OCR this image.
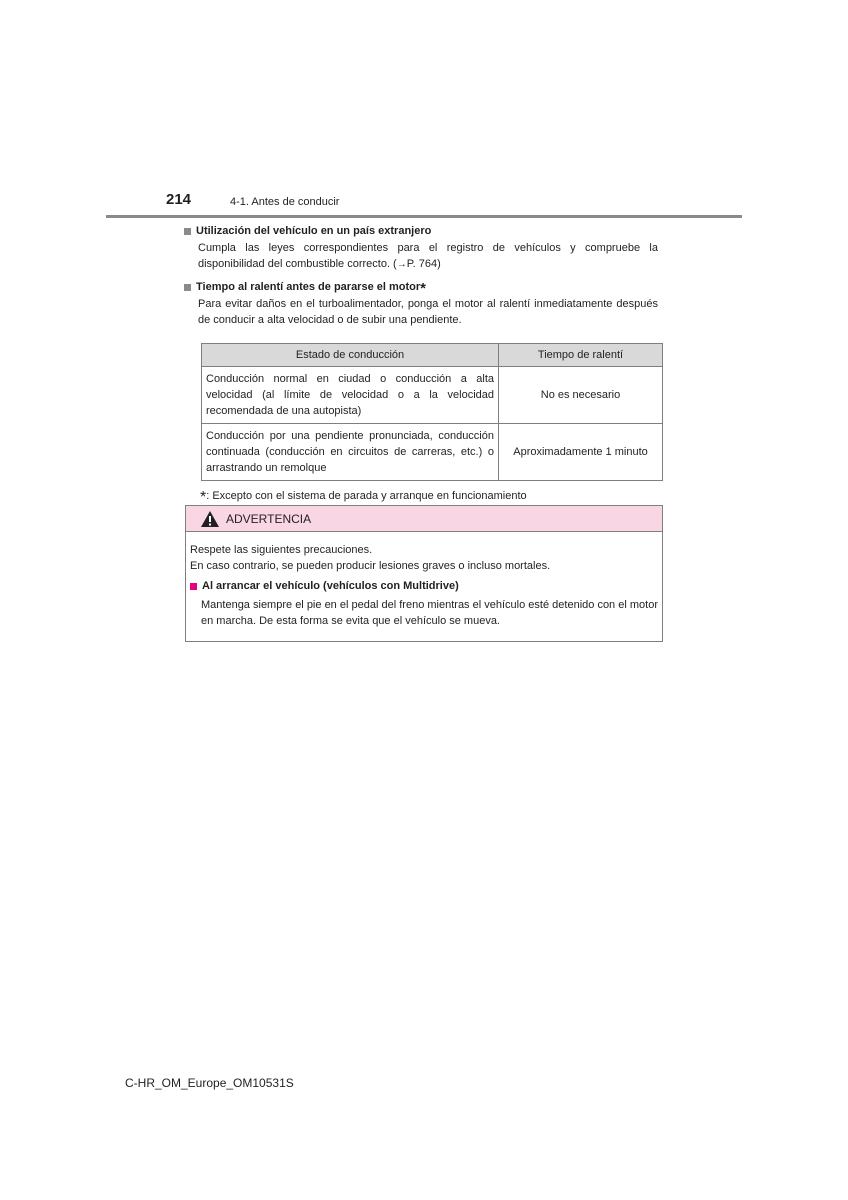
214	4-1. Antes de conducir

Utilización del vehículo en un país extranjero

Cumpla las leyes correspondientes para el registro de vehículos y compruebe la disponibilidad del combustible correcto. (→P. 764)

Tiempo al ralentí antes de pararse el motor*

Para evitar daños en el turboalimentador, ponga el motor al ralentí inmediatamente después de conducir a alta velocidad o de subir una pendiente.

Estado de conducción	Tiempo de ralentí
Conducción normal en ciudad o conducción a alta velocidad (al límite de velocidad o a la velocidad recomendada de una autopista)	No es necesario
Conducción por una pendiente pronunciada, conducción continuada (conducción en circuitos de carreras, etc.) o arrastrando un remolque	Aproximadamente 1 minuto

*: Excepto con el sistema de parada y arranque en funcionamiento

ADVERTENCIA

Respete las siguientes precauciones.

En caso contrario, se pueden producir lesiones graves o incluso mortales.

Al arrancar el vehículo (vehículos con Multidrive)

Mantenga siempre el pie en el pedal del freno mientras el vehículo esté detenido con el motor en marcha. De esta forma se evita que el vehículo se mueva.

C-HR_OM_Europe_OM10531S
